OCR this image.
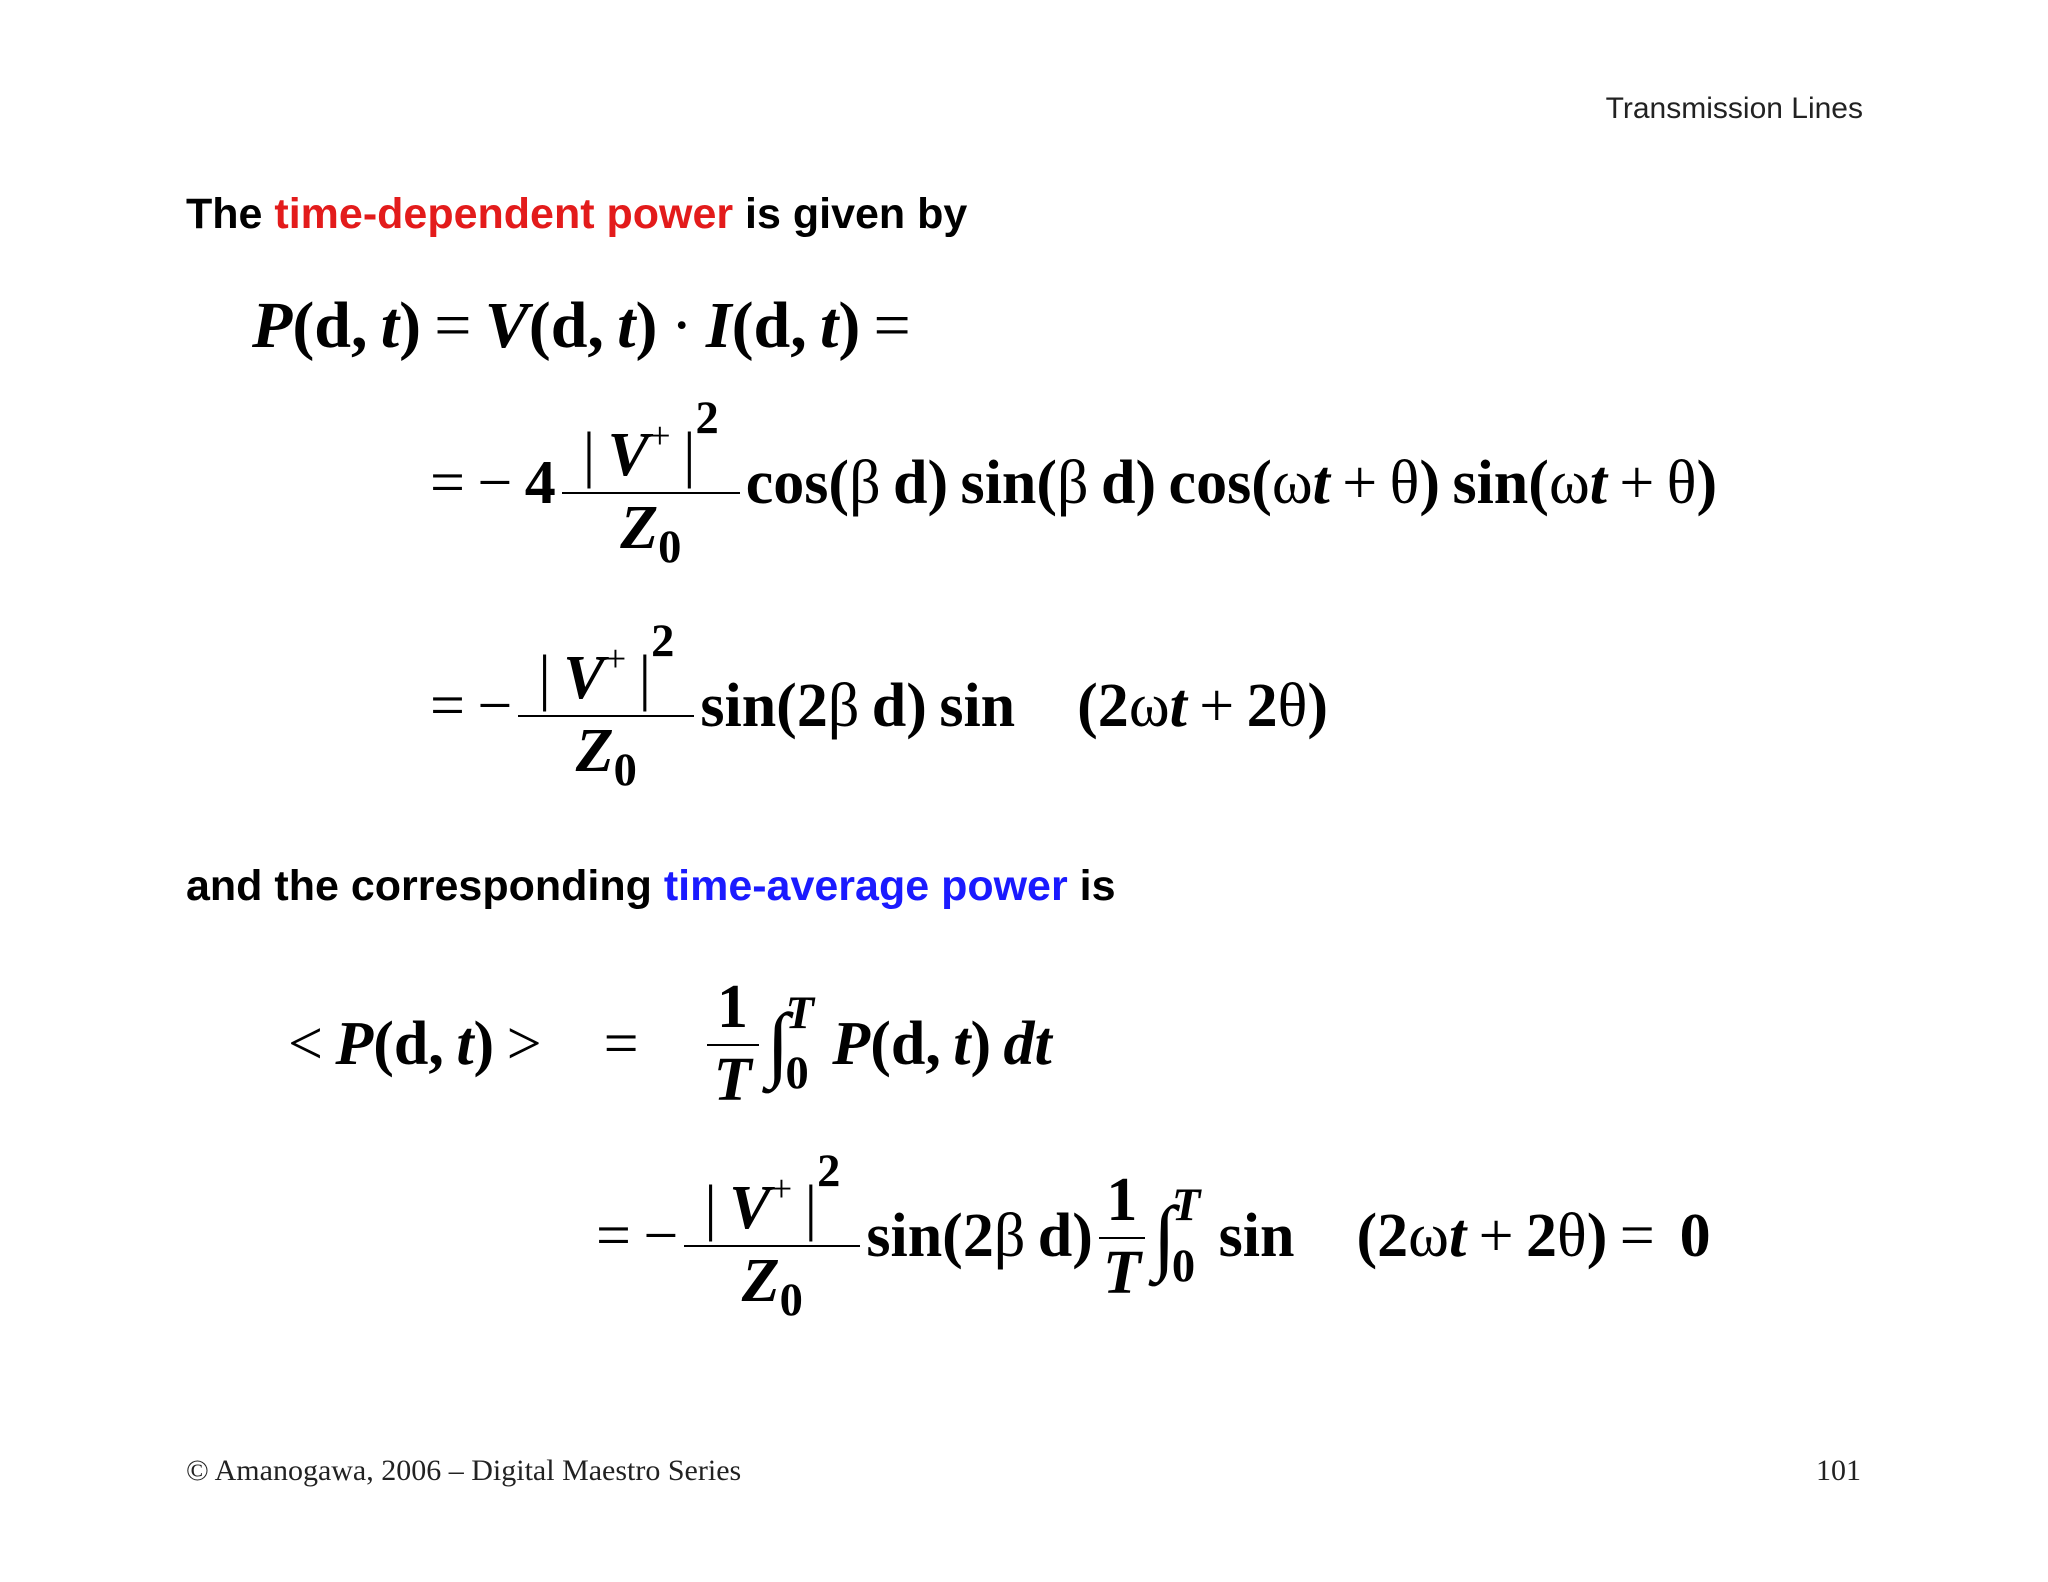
Transmission Lines
The time-dependent power is given by
P (d,  t )  =  V (d,  t )  ·  I (d,  t )  =
= −  $4 \frac{| V^+ |^2}{Z_0} \cos$( β  d) sin( β  d) cos( ω t  + θ ) sin( ω t  + θ )
= − $\frac{| V^+ |^2}{Z_0} \sin(2$ β  d) sin (2 ω t  +  2 θ )
and the corresponding time-average power is
<  P (d,  t )  > =  $\frac{1}{T}$ ∫
T
0  P (d,  t )  dt
= − $\frac{| V^+ |^2}{Z_0} \sin(2$ β  $d) \frac{1}{T}$ ∫
T
0  sin (2 ω t  +  2 θ )  =   0
© Amanogawa, 2006 – Digital Maestro Series	101
